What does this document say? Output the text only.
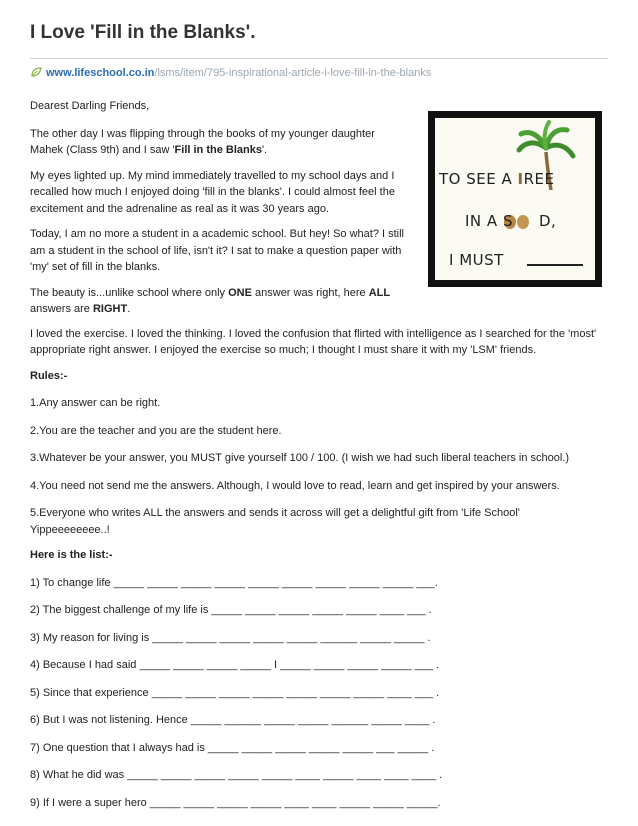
I Love 'Fill in the Blanks'.
www.lifeschool.co.in/lsms/item/795-inspirational-article-i-love-fill-in-the-blanks
TO SEE A IREE
IN A S D,
I MUST

Dearest Darling Friends,

The other day I was flipping through the books of my younger daughter Mahek (Class 9th) and I saw 'Fill in the Blanks'.

My eyes lighted up. My mind immediately travelled to my school days and I recalled how much I enjoyed doing 'fill in the blanks'. I could almost feel the excitement and the adrenaline as real as it was 30 years ago.

Today, I am no more a student in a academic school. But hey! So what? I still am a student in the school of life, isn't it? I sat to make a question paper with 'my' set of fill in the blanks.

The beauty is...unlike school where only ONE answer was right, here ALL answers are RIGHT.

I loved the exercise. I loved the thinking. I loved the confusion that flirted with intelligence as I searched for the 'most' appropriate right answer. I enjoyed the exercise so much; I thought I must share it with my 'LSM' friends.

Rules:-

1.Any answer can be right.

2.You are the teacher and you are the student here.

3.Whatever be your answer, you MUST give yourself 100 / 100. (I wish we had such liberal teachers in school.)

4.You need not send me the answers. Although, I would love to read, learn and get inspired by your answers.

5.Everyone who writes ALL the answers and sends it across will get a delightful gift from 'Life School' Yippeeeeeeee..!

Here is the list:-

1) To change life _____ _____ _____ _____ _____ _____ _____ _____ _____ ___.

2) The biggest challenge of my life is _____ _____ _____ _____ _____ ____ ___ .

3) My reason for living is _____ _____ _____ _____ _____ ______ _____ _____ .

4) Because I had said _____ _____ _____ _____ I _____ _____ _____ _____ ___ .

5) Since that experience _____ _____ _____ _____ _____ _____ _____ ____ ___ .

6) But I was not listening. Hence _____ ______ _____ _____ ______ _____ ____ .

7) One question that I always had is _____ _____ _____ _____ _____ ___ _____ .

8) What he did was _____ _____ _____ _____ _____ ____ _____ ____ ____ ____ .

9) If I were a super hero _____ _____ _____ _____ ____ ____ _____ _____ _____.
